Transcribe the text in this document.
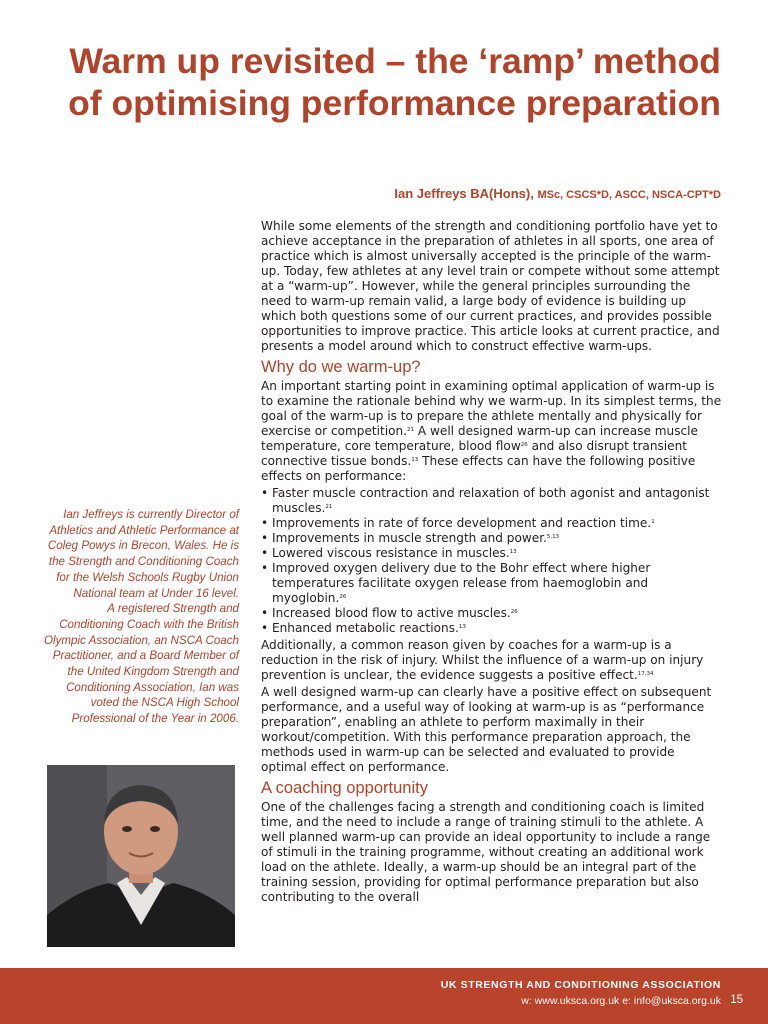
Warm up revisited – the ‘ramp’ method of optimising performance preparation
Ian Jeffreys BA(Hons), MSc, CSCS*D, ASCC, NSCA-CPT*D

While some elements of the strength and conditioning portfolio have yet to achieve acceptance in the preparation of athletes in all sports, one area of practice which is almost universally accepted is the principle of the warm-up. Today, few athletes at any level train or compete without some attempt at a “warm-up”. However, while the general principles surrounding the need to warm-up remain valid, a large body of evidence is building up which both questions some of our current practices, and provides possible opportunities to improve practice. This article looks at current practice, and presents a model around which to construct effective warm-ups.

Why do we warm-up?

An important starting point in examining optimal application of warm-up is to examine the rationale behind why we warm-up. In its simplest terms, the goal of the warm-up is to prepare the athlete mentally and physically for exercise or competition.$^{21}$ A well designed warm-up can increase muscle temperature, core temperature, blood flow$^{26}$ and also disrupt transient connective tissue bonds.$^{13}$ These effects can have the following positive effects on performance:

• Faster muscle contraction and relaxation of both agonist and antagonist muscles.$^{21}$
• Improvements in rate of force development and reaction time.$^1$
• Improvements in muscle strength and power.$^{5,13}$
• Lowered viscous resistance in muscles.$^{13}$
• Improved oxygen delivery due to the Bohr effect where higher temperatures facilitate oxygen release from haemoglobin and myoglobin.$^{26}$
• Increased blood flow to active muscles.$^{26}$
• Enhanced metabolic reactions.$^{13}$

Additionally, a common reason given by coaches for a warm-up is a reduction in the risk of injury. Whilst the influence of a warm-up on injury prevention is unclear, the evidence suggests a positive effect.$^{17,34}$

A well designed warm-up can clearly have a positive effect on subsequent performance, and a useful way of looking at warm-up is as “performance preparation”, enabling an athlete to perform maximally in their workout/competition. With this performance preparation approach, the methods used in warm-up can be selected and evaluated to provide optimal effect on performance.

A coaching opportunity

One of the challenges facing a strength and conditioning coach is limited time, and the need to include a range of training stimuli to the athlete. A well planned warm-up can provide an ideal opportunity to include a range of stimuli in the training programme, without creating an additional work load on the athlete. Ideally, a warm-up should be an integral part of the training session, providing for optimal performance preparation but also contributing to the overall

Ian Jeffreys is currently Director of Athletics and Athletic Performance at Coleg Powys in Brecon, Wales. He is the Strength and Conditioning Coach for the Welsh Schools Rugby Union National team at Under 16 level.

A registered Strength and Conditioning Coach with the British Olympic Association, an NSCA Coach Practitioner, and a Board Member of the United Kingdom Strength and Conditioning Association, Ian was voted the NSCA High School Professional of the Year in 2006.

UK STRENGTH AND CONDITIONING ASSOCIATION
w: www.uksca.org.uk e: info@uksca.org.uk 15
